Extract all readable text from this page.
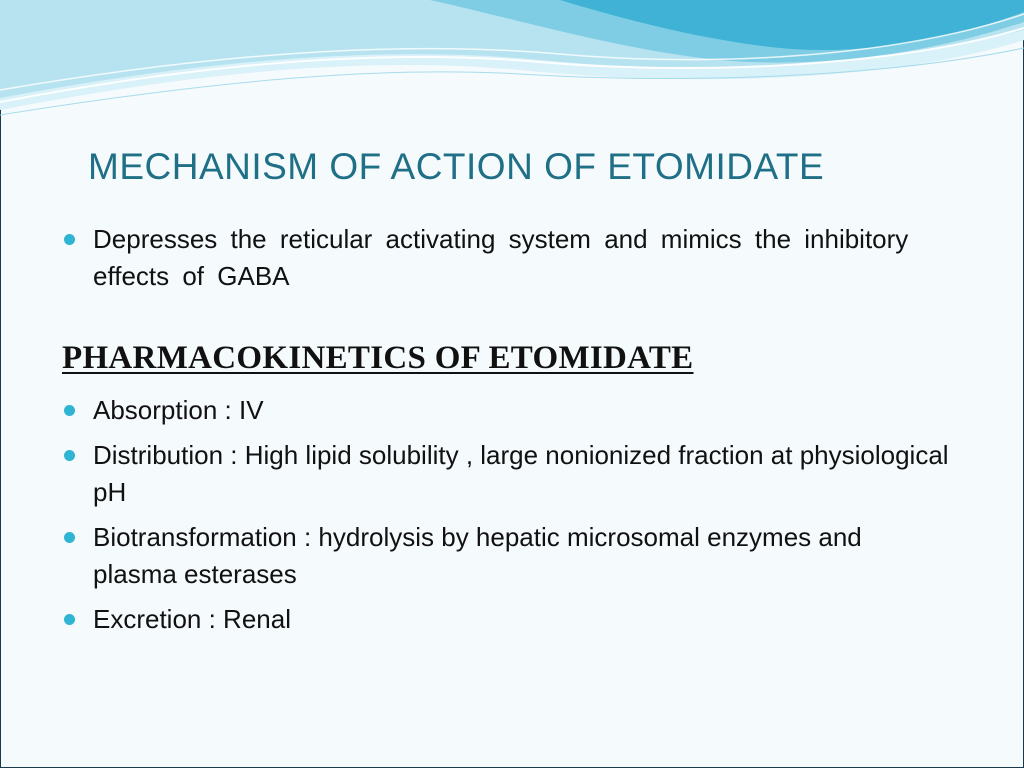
MECHANISM OF ACTION OF ETOMIDATE
Depresses the reticular activating system and mimics the inhibitory effects of GABA
PHARMACOKINETICS OF ETOMIDATE
Absorption : IV
Distribution : High lipid solubility , large nonionized fraction at physiological pH
Biotransformation : hydrolysis by hepatic microsomal enzymes and plasma esterases
Excretion : Renal
